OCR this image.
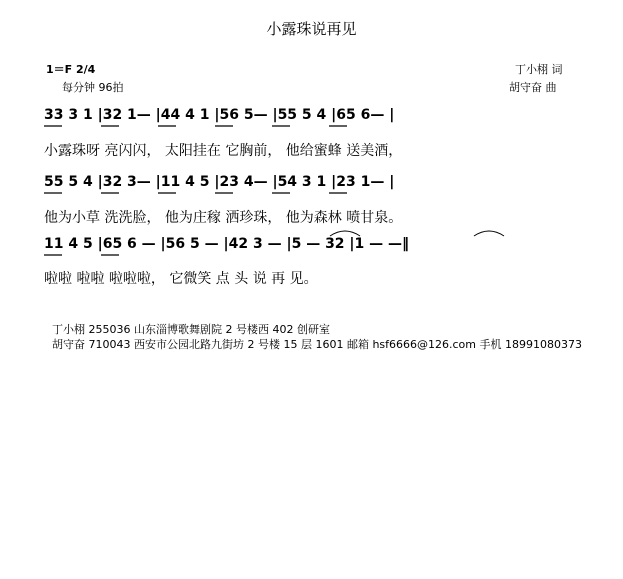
小露珠说再见
1＝F 2/4
每分钟 96拍
丁小栩 词
胡守奋 曲
33 3 1 |32 1— |44 4 1 |56 5— |55 5 4 |65 6— |
小露珠呀 亮闪闪， 太阳挂在 它胸前， 他给蜜蜂 送美酒，
55 5 4 |32 3— |11 4 5 |23 4— |54 3 1 |23 1— |
他为小草 洗洗脸， 他为庄稼 洒珍珠， 他为森林 喷甘泉。
11 4 5 |65 6 — |56 5 — |42 3 — |5 — 32 |1 — —‖
啦啦 啦啦 啦啦啦， 它微笑 点 头 说 再 见。
丁小栩 255036 山东淄博歌舞剧院 2 号楼西 402 创研室
胡守奋 710043 西安市公园北路九街坊 2 号楼 15 层 1601 邮箱 hsf6666@126.com 手机 18991080373
